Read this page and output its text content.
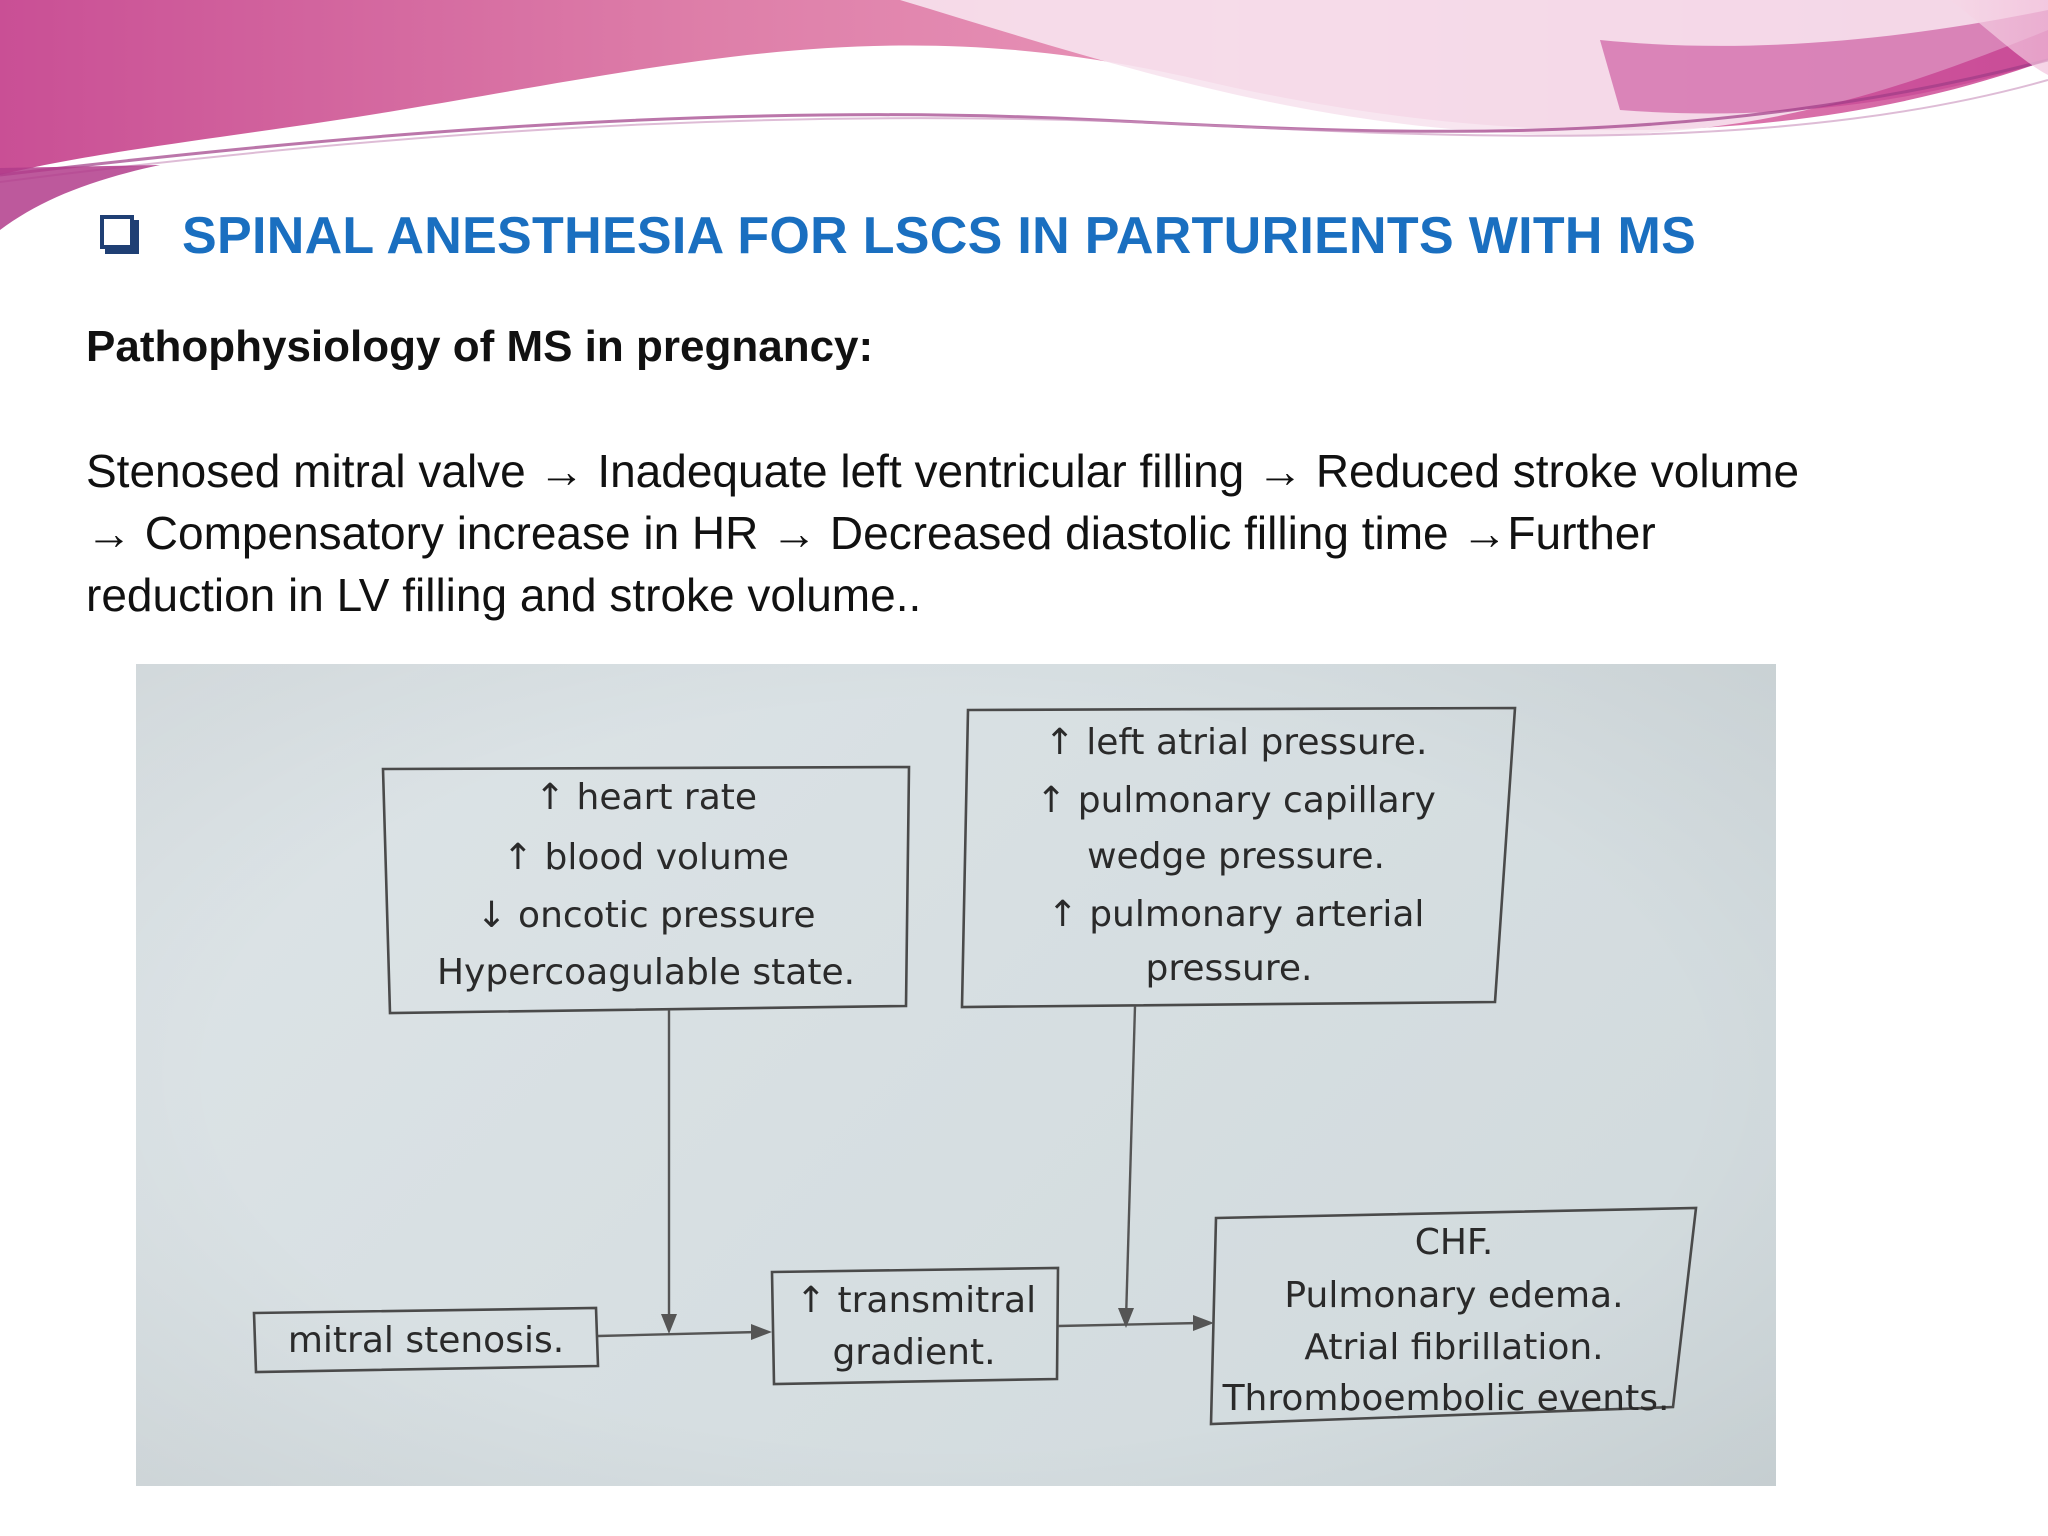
SPINAL ANESTHESIA FOR LSCS IN PARTURIENTS WITH MS
Pathophysiology of MS in pregnancy:
Stenosed mitral valve → Inadequate left ventricular filling → Reduced stroke volume
→ Compensatory increase in HR → Decreased diastolic filling time →Further
reduction in LV filling and stroke volume..
↑ heart rate
↑ blood volume
↓ oncotic pressure
Hypercoagulable state.
↑ left atrial pressure.
↑ pulmonary capillary
wedge pressure.
↑ pulmonary arterial
pressure.
mitral stenosis.
↑ transmitral
gradient.
CHF.
Pulmonary edema.
Atrial fibrillation.
Thromboembolic events.
